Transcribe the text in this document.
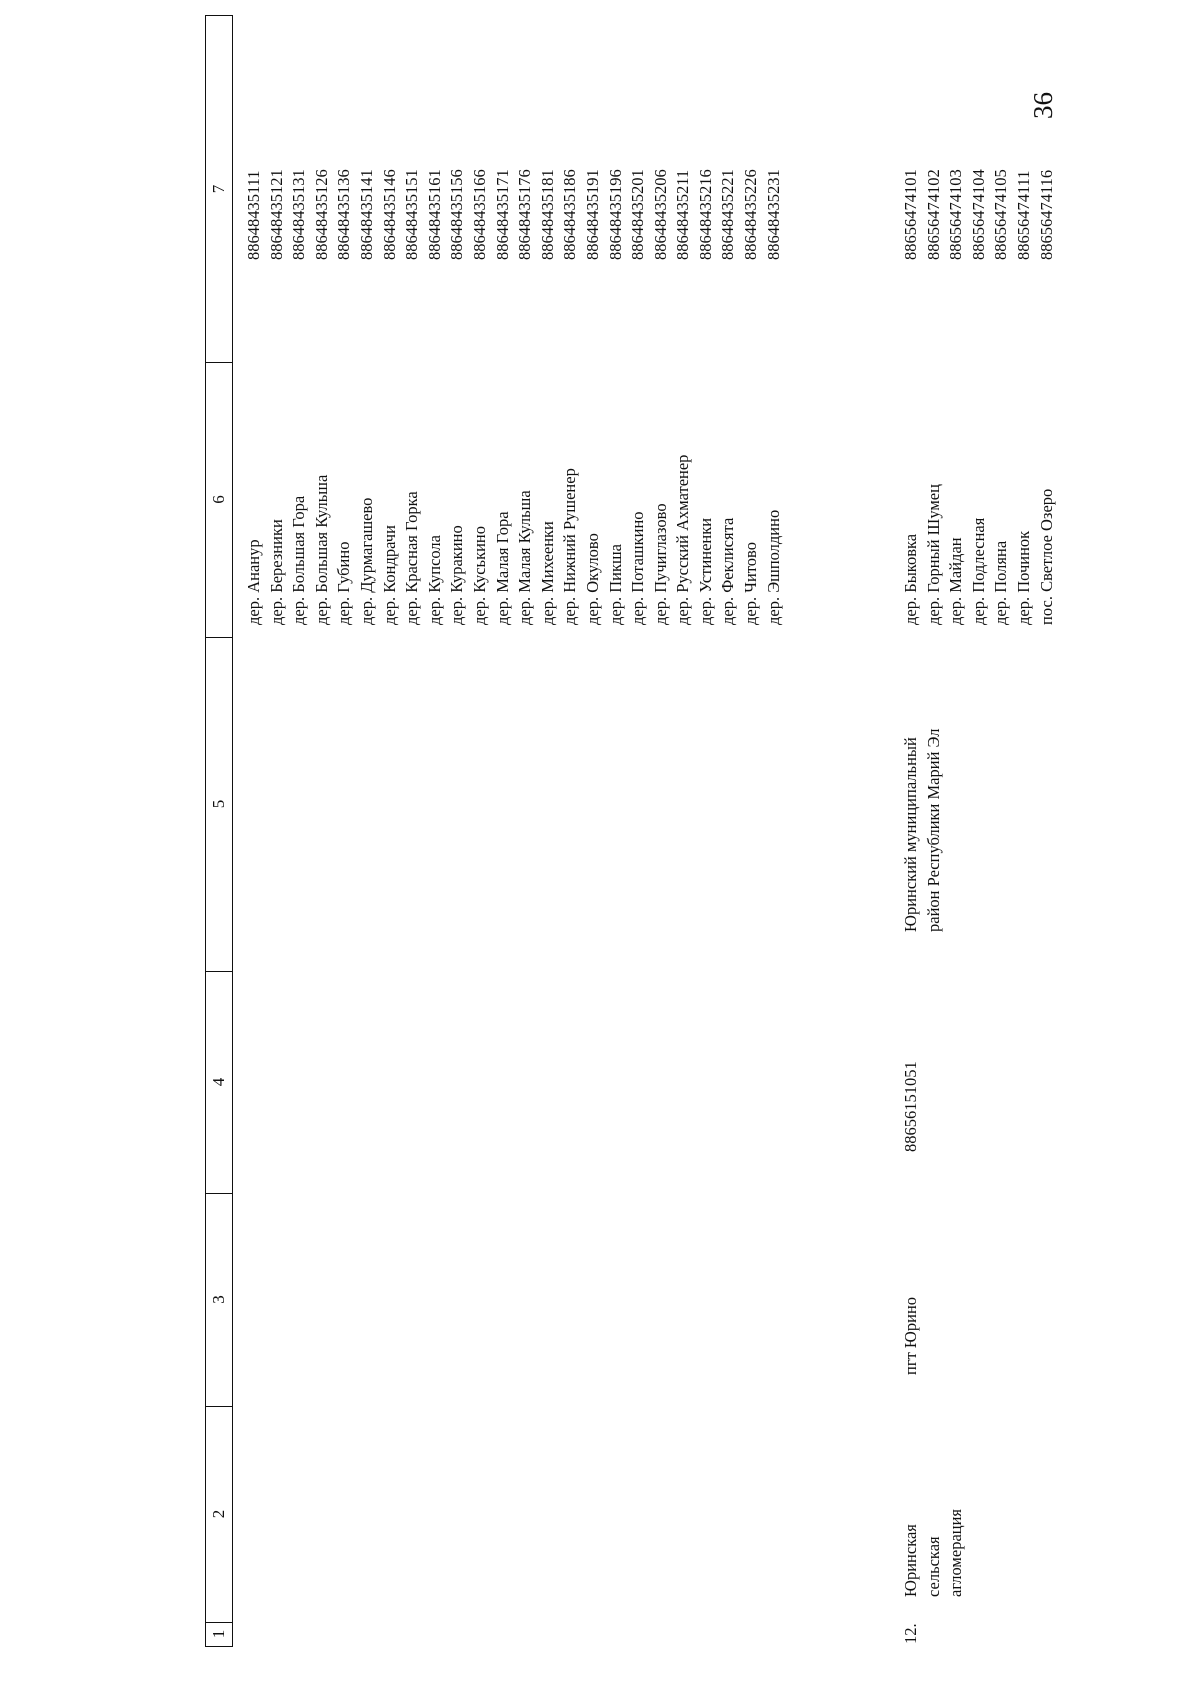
36
1
2
3
4
5
6
7
дер. Ананур дер. Березники дер. Большая Гора дер. Большая Кульша дер. Губино дер. Дурмагашево дер. Кондрачи дер. Красная Горка дер. Купсола дер. Куракино дер. Куськино дер. Малая Гора дер. Малая Кульша дер. Михеенки дер. Нижний Рушенер дер. Окулово дер. Пикша дер. Поташкино дер. Пучиглазово дер. Русский Ахматенер дер. Устиненки дер. Феклисята дер. Читово дер. Эшполдино
88648435111 88648435121 88648435131 88648435126 88648435136 88648435141 88648435146 88648435151 88648435161 88648435156 88648435166 88648435171 88648435176 88648435181 88648435186 88648435191 88648435196 88648435201 88648435206 88648435211 88648435216 88648435221 88648435226 88648435231
12.
Юринская сельская агломерация
пгт Юрино
88656151051
Юринский муниципальный район Республики Марий Эл
дер. Быковка дер. Горный Шумец дер. Майдан дер. Подлесная дер. Поляна дер. Починок пос. Светлое Озеро
88656474101 88656474102 88656474103 88656474104 88656474105 88656474111 88656474116
